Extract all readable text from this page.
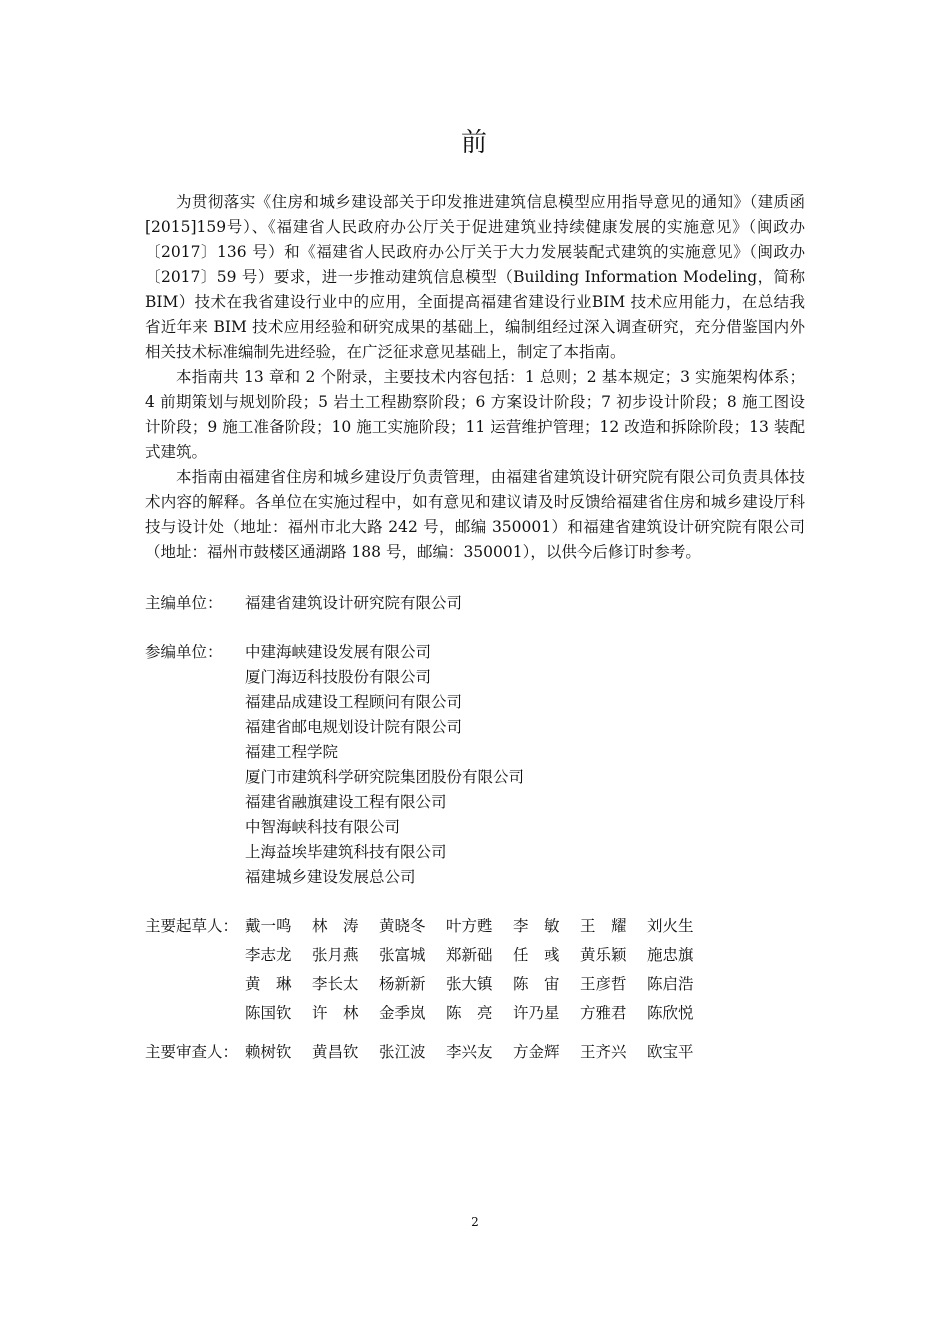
前

为贯彻落实《住房和城乡建设部关于印发推进建筑信息模型应用指导意见的通知》（建质函[2015]159号）、《福建省人民政府办公厅关于促进建筑业持续健康发展的实施意见》（闽政办〔2017〕136 号）和《福建省人民政府办公厅关于大力发展装配式建筑的实施意见》（闽政办〔2017〕59 号）要求，进一步推动建筑信息模型（Building Information Modeling，简称 BIM）技术在我省建设行业中的应用，全面提高福建省建设行业BIM 技术应用能力，在总结我省近年来 BIM 技术应用经验和研究成果的基础上，编制组经过深入调查研究，充分借鉴国内外相关技术标准编制先进经验，在广泛征求意见基础上，制定了本指南。

本指南共 13 章和 2 个附录，主要技术内容包括：1 总则；2 基本规定；3 实施架构体系；4 前期策划与规划阶段；5 岩土工程勘察阶段；6 方案设计阶段；7 初步设计阶段；8 施工图设计阶段；9 施工准备阶段；10 施工实施阶段；11 运营维护管理；12 改造和拆除阶段；13 装配式建筑。

本指南由福建省住房和城乡建设厅负责管理，由福建省建筑设计研究院有限公司负责具体技术内容的解释。各单位在实施过程中，如有意见和建议请及时反馈给福建省住房和城乡建设厅科技与设计处（地址：福州市北大路 242 号，邮编 350001）和福建省建筑设计研究院有限公司（地址：福州市鼓楼区通湖路 188 号，邮编：350001），以供今后修订时参考。

主编单位： 福建省建筑设计研究院有限公司
参编单位： 中建海峡建设发展有限公司
厦门海迈科技股份有限公司
福建品成建设工程顾问有限公司
福建省邮电规划设计院有限公司
福建工程学院
厦门市建筑科学研究院集团股份有限公司
福建省融旗建设工程有限公司
中智海峡科技有限公司
上海益埃毕建筑科技有限公司
福建城乡建设发展总公司
主要起草人： 戴一鸣 林　涛 黄晓冬 叶方甦 李　敏 王　耀 刘火生
李志龙 张月燕 张富城 郑新础 任　彧 黄乐颖 施忠旗
黄　琳 李长太 杨新新 张大镇 陈　宙 王彦哲 陈启浩
陈国钦 许　林 金季岚 陈　亮 许乃星 方雅君 陈欣悦
主要审查人： 赖树钦 黄昌钦 张江波 李兴友 方金辉 王齐兴 欧宝平
2
